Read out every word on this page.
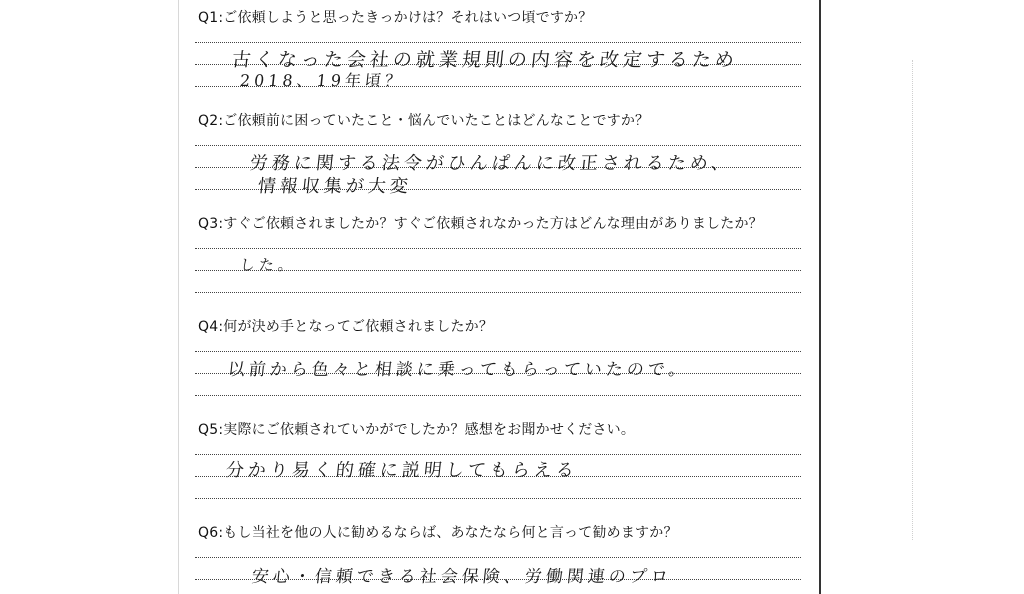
Q1:ご依頼しようと思ったきっかけは？それはいつ頃ですか？
古くなった会社の就業規則の内容を改定するため
2018、19年頃？
Q2:ご依頼前に困っていたこと・悩んでいたことはどんなことですか？
労務に関する法令がひんぱんに改正されるため、
情報収集が大変
Q3:すぐご依頼されましたか？すぐご依頼されなかった方はどんな理由がありましたか？
した。
Q4:何が決め手となってご依頼されましたか？
以前から色々と相談に乗ってもらっていたので。
Q5:実際にご依頼されていかがでしたか？感想をお聞かせください。
分かり易く的確に説明してもらえる
Q6:もし当社を他の人に勧めるならば、あなたなら何と言って勧めますか？
安心・信頼できる社会保険、労働関連のプロ
